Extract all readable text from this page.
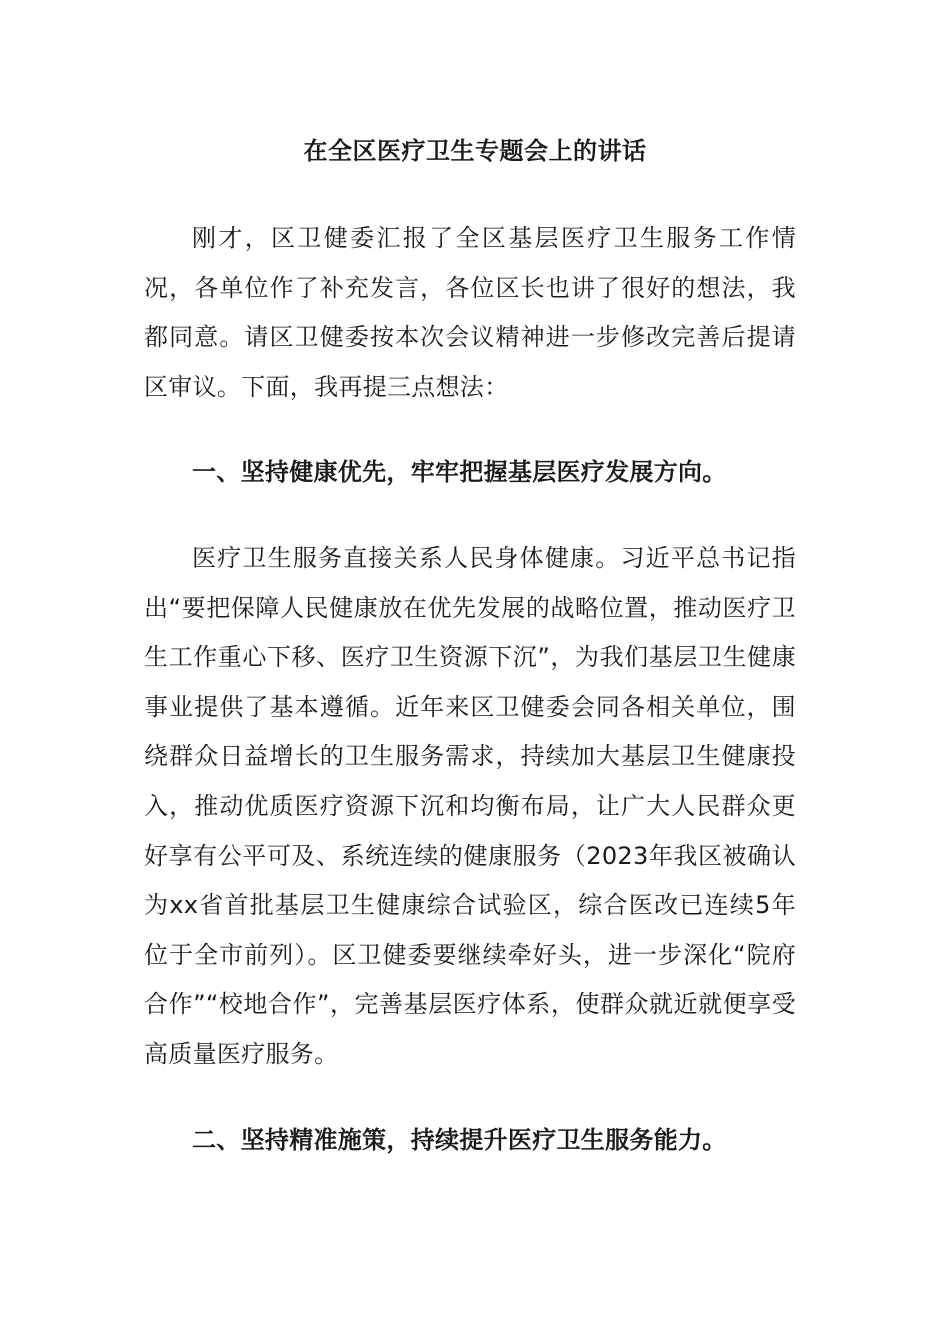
在全区医疗卫生专题会上的讲话

刚才，区卫健委汇报了全区基层医疗卫生服务工作情况，各单位作了补充发言，各位区长也讲了很好的想法，我都同意。请区卫健委按本次会议精神进一步修改完善后提请区审议。下面，我再提三点想法：

一、坚持健康优先，牢牢把握基层医疗发展方向。

医疗卫生服务直接关系人民身体健康。习近平总书记指出“要把保障人民健康放在优先发展的战略位置，推动医疗卫生工作重心下移、医疗卫生资源下沉”，为我们基层卫生健康事业提供了基本遵循。近年来区卫健委会同各相关单位，围绕群众日益增长的卫生服务需求，持续加大基层卫生健康投入，推动优质医疗资源下沉和均衡布局，让广大人民群众更好享有公平可及、系统连续的健康服务（2023年我区被确认为xx省首批基层卫生健康综合试验区，综合医改已连续5年位于全市前列）。区卫健委要继续牵好头，进一步深化“院府合作”“校地合作”，完善基层医疗体系，使群众就近就便享受高质量医疗服务。

二、坚持精准施策，持续提升医疗卫生服务能力。
